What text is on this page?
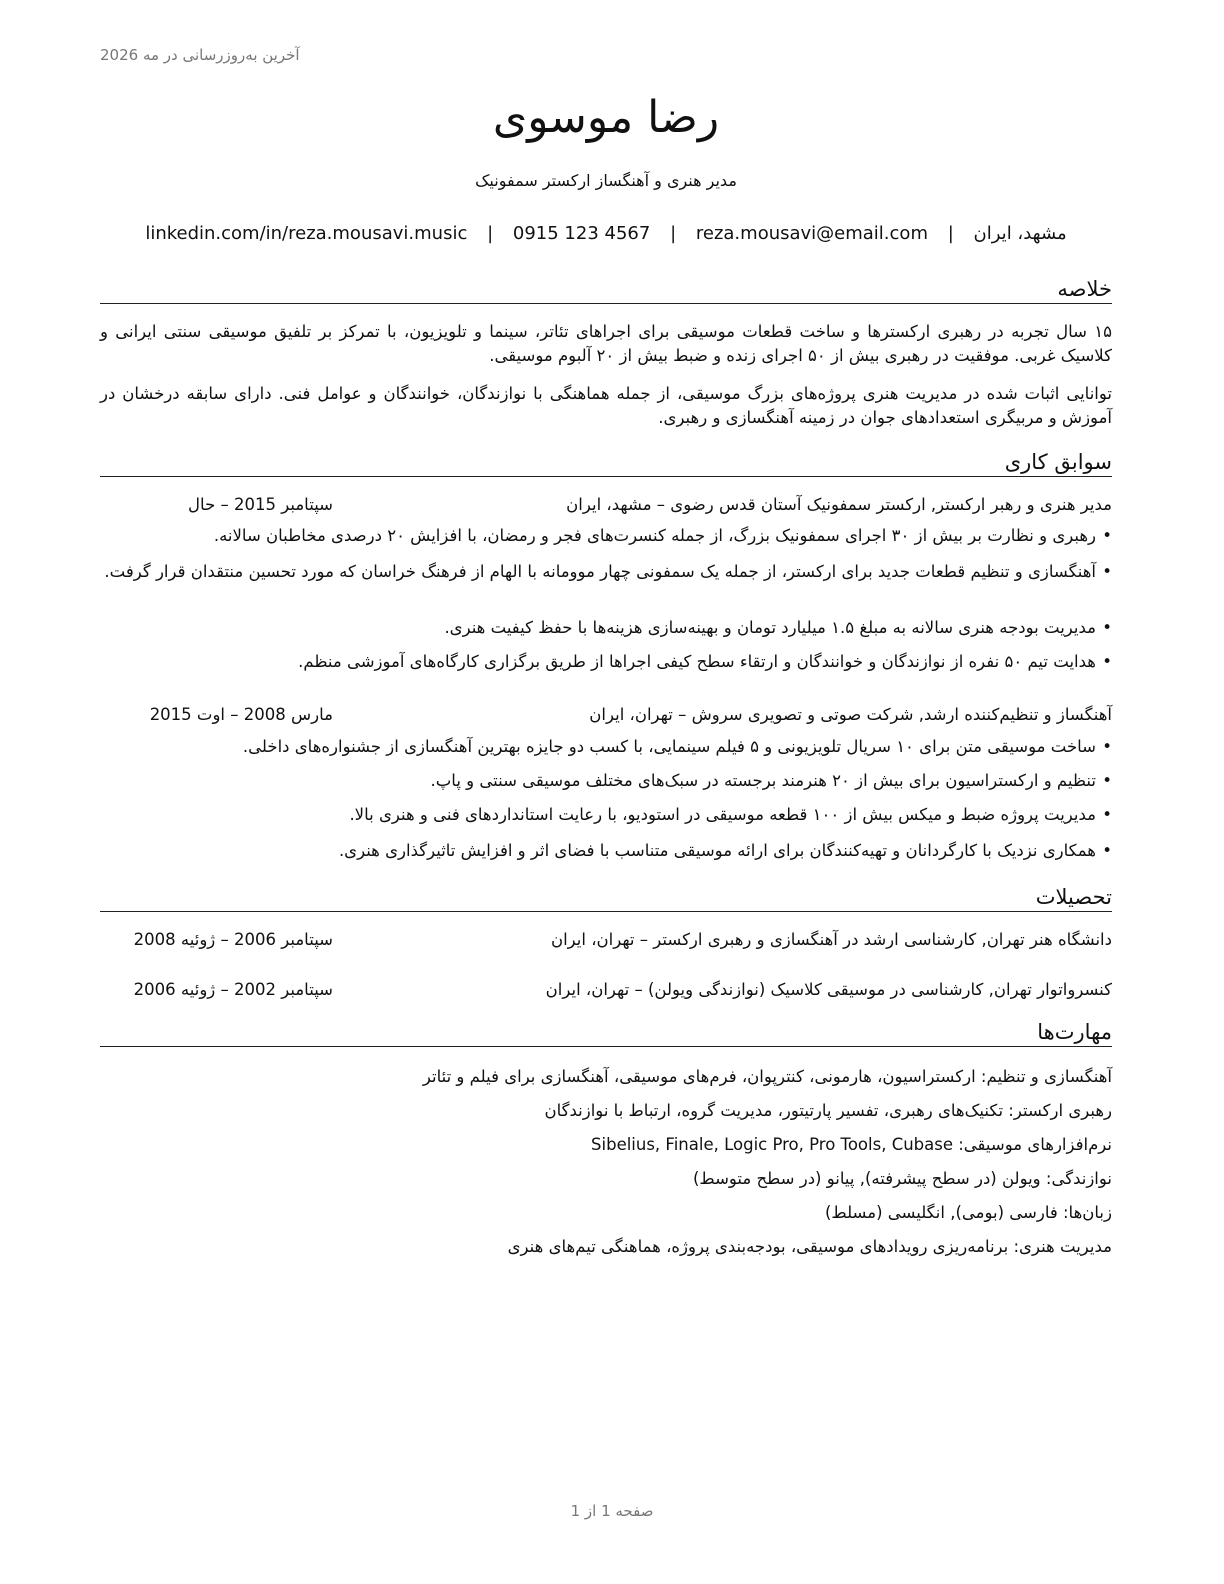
آخرین به‌روزرسانی در مه 2026
رضا موسوی
مدیر هنری و آهنگساز ارکستر سمفونیک
مشهد، ایران | reza.mousavi@email.com | 0915 123 4567 | linkedin.com/in/reza.mousavi.music
خلاصه
۱۵ سال تجربه در رهبری ارکسترها و ساخت قطعات موسیقی برای اجراهای تئاتر، سینما و تلویزیون، با تمرکز بر تلفیق موسیقی سنتی ایرانی و کلاسیک غربی. موفقیت در رهبری بیش از ۵۰ اجرای زنده و ضبط بیش از ۲۰ آلبوم موسیقی.
توانایی اثبات شده در مدیریت هنری پروژه‌های بزرگ موسیقی، از جمله هماهنگی با نوازندگان، خوانندگان و عوامل فنی. دارای سابقه درخشان در آموزش و مربیگری استعدادهای جوان در زمینه آهنگسازی و رهبری.
سوابق کاری
مدیر هنری و رهبر ارکستر, ارکستر سمفونیک آستان قدس رضوی – مشهد، ایران
سپتامبر 2015 – حال
•
رهبری و نظارت بر بیش از ۳۰ اجرای سمفونیک بزرگ، از جمله کنسرت‌های فجر و رمضان، با افزایش ۲۰ درصدی مخاطبان سالانه.
•
آهنگسازی و تنظیم قطعات جدید برای ارکستر، از جمله یک سمفونی چهار موومانه با الهام از فرهنگ خراسان که مورد تحسین منتقدان قرار گرفت.
•
مدیریت بودجه هنری سالانه به مبلغ ۱.۵ میلیارد تومان و بهینه‌سازی هزینه‌ها با حفظ کیفیت هنری.
•
هدایت تیم ۵۰ نفره از نوازندگان و خوانندگان و ارتقاء سطح کیفی اجراها از طریق برگزاری کارگاه‌های آموزشی منظم.
آهنگساز و تنظیم‌کننده ارشد, شرکت صوتی و تصویری سروش – تهران، ایران
مارس 2008 – اوت 2015
•
ساخت موسیقی متن برای ۱۰ سریال تلویزیونی و ۵ فیلم سینمایی، با کسب دو جایزه بهترین آهنگسازی از جشنواره‌های داخلی.
•
تنظیم و ارکستراسیون برای بیش از ۲۰ هنرمند برجسته در سبک‌های مختلف موسیقی سنتی و پاپ.
•
مدیریت پروژه ضبط و میکس بیش از ۱۰۰ قطعه موسیقی در استودیو، با رعایت استانداردهای فنی و هنری بالا.
•
همکاری نزدیک با کارگردانان و تهیه‌کنندگان برای ارائه موسیقی متناسب با فضای اثر و افزایش تاثیرگذاری هنری.
تحصیلات
دانشگاه هنر تهران, کارشناسی ارشد در آهنگسازی و رهبری ارکستر – تهران، ایران
سپتامبر 2006 – ژوئیه 2008
کنسرواتوار تهران, کارشناسی در موسیقی کلاسیک (نوازندگی ویولن) – تهران، ایران
سپتامبر 2002 – ژوئیه 2006
مهارت‌ها
آهنگسازی و تنظیم: ارکستراسیون، هارمونی، کنترپوان، فرم‌های موسیقی، آهنگسازی برای فیلم و تئاتر
رهبری ارکستر: تکنیک‌های رهبری، تفسیر پارتیتور، مدیریت گروه، ارتباط با نوازندگان
نرم‌افزارهای موسیقی: Sibelius, Finale, Logic Pro, Pro Tools, Cubase
نوازندگی: ویولن (در سطح پیشرفته), پیانو (در سطح متوسط)
زبان‌ها: فارسی (بومی), انگلیسی (مسلط)
مدیریت هنری: برنامه‌ریزی رویدادهای موسیقی، بودجه‌بندی پروژه، هماهنگی تیم‌های هنری
صفحه 1 از 1
